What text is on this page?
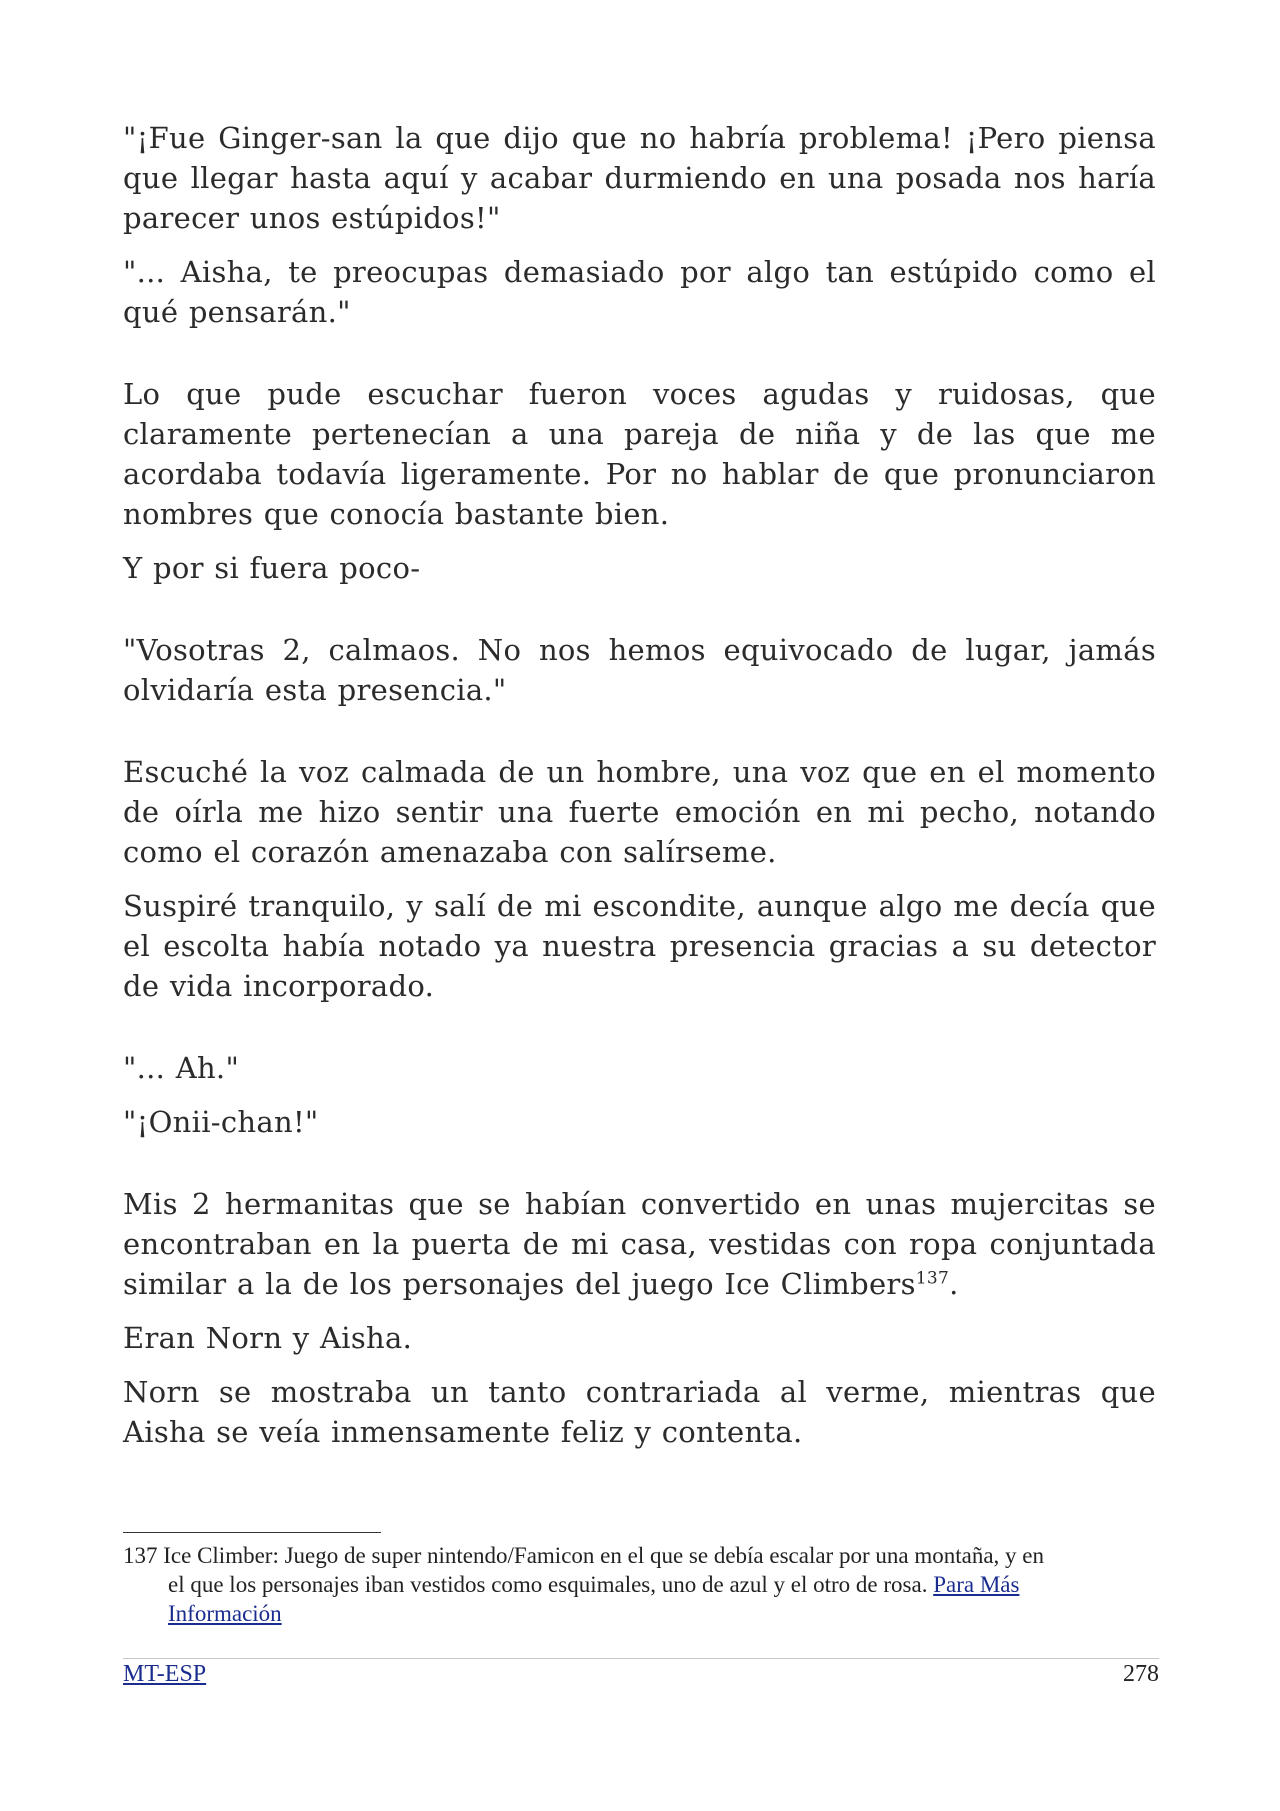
"¡Fue Ginger-san la que dijo que no habría problema! ¡Pero piensa que llegar hasta aquí y acabar durmiendo en una posada nos haría parecer unos estúpidos!"

"... Aisha, te preocupas demasiado por algo tan estúpido como el qué pensarán."

Lo que pude escuchar fueron voces agudas y ruidosas, que claramente pertenecían a una pareja de niña y de las que me acordaba todavía ligeramente. Por no hablar de que pronunciaron nombres que conocía bastante bien.

Y por si fuera poco-

"Vosotras 2, calmaos. No nos hemos equivocado de lugar, jamás olvidaría esta presencia."

Escuché la voz calmada de un hombre, una voz que en el momento de oírla me hizo sentir una fuerte emoción en mi pecho, notando como el corazón amenazaba con salírseme.

Suspiré tranquilo, y salí de mi escondite, aunque algo me decía que el escolta había notado ya nuestra presencia gracias a su detector de vida incorporado.

"... Ah."

"¡Onii-chan!"

Mis 2 hermanitas que se habían convertido en unas mujercitas se encontraban en la puerta de mi casa, vestidas con ropa conjuntada similar a la de los personajes del juego Ice Climbers$^{137}$.

Eran Norn y Aisha.

Norn se mostraba un tanto contrariada al verme, mientras que Aisha se veía inmensamente feliz y contenta.

137 Ice Climber: Juego de super nintendo/Famicon en el que se debía escalar por una montaña, y en
el que los personajes iban vestidos como esquimales, uno de azul y el otro de rosa. Para Más
Información
MT-ESP	278
